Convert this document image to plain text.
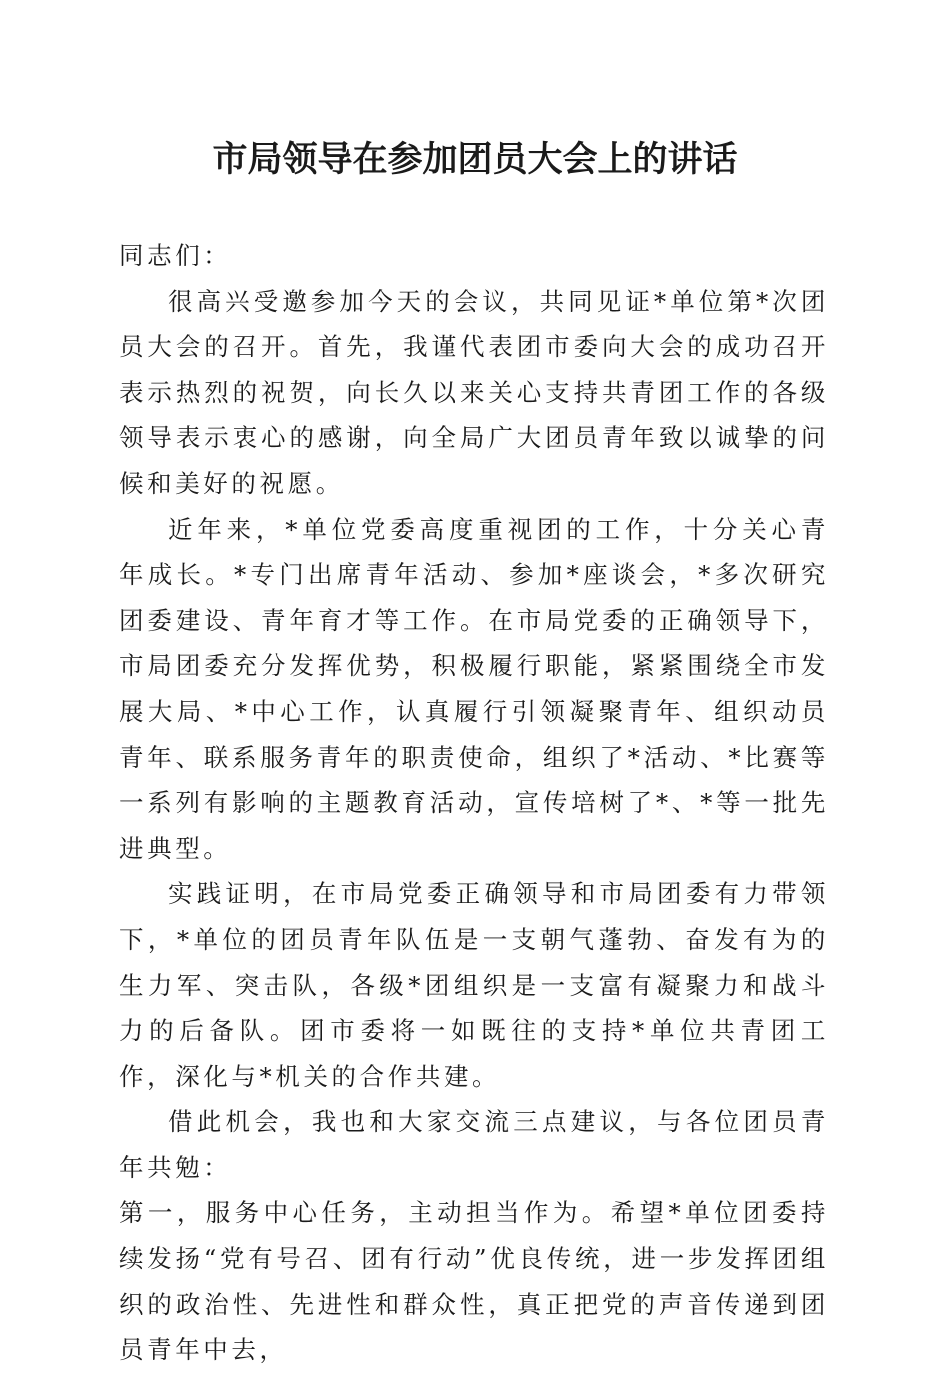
市局领导在参加团员大会上的讲话

同志们：

很高兴受邀参加今天的会议，共同见证*单位第*次团员大会的召开。首先，我谨代表团市委向大会的成功召开表示热烈的祝贺，向长久以来关心支持共青团工作的各级领导表示衷心的感谢，向全局广大团员青年致以诚挚的问候和美好的祝愿。

近年来，*单位党委高度重视团的工作，十分关心青年成长。*专门出席青年活动、参加*座谈会，*多次研究团委建设、青年育才等工作。在市局党委的正确领导下，市局团委充分发挥优势，积极履行职能，紧紧围绕全市发展大局、*中心工作，认真履行引领凝聚青年、组织动员青年、联系服务青年的职责使命，组织了*活动、*比赛等一系列有影响的主题教育活动，宣传培树了*、*等一批先进典型。

实践证明，在市局党委正确领导和市局团委有力带领下，*单位的团员青年队伍是一支朝气蓬勃、奋发有为的生力军、突击队，各级*团组织是一支富有凝聚力和战斗力的后备队。团市委将一如既往的支持*单位共青团工作，深化与*机关的合作共建。

借此机会，我也和大家交流三点建议，与各位团员青年共勉：

第一，服务中心任务，主动担当作为。希望*单位团委持续发扬“党有号召、团有行动”优良传统，进一步发挥团组织的政治性、先进性和群众性，真正把党的声音传递到团员青年中去，
